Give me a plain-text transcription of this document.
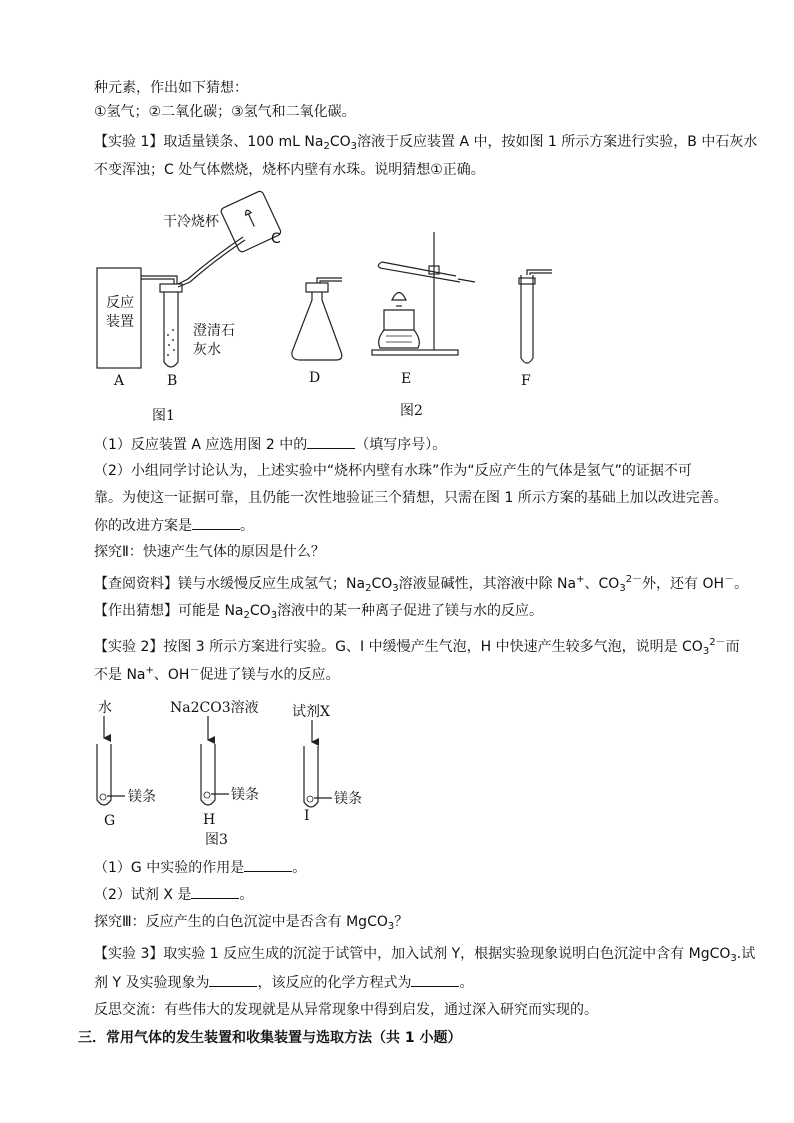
种元素，作出如下猜想：
①氢气；②二氧化碳；③氢气和二氧化碳。
【实验 1】取适量镁条、100 mL $Na_2CO_3$溶液于反应装置 A 中，按如图 1 所示方案进行实验，B 中石灰水
不变浑浊；C 处气体燃烧，烧杯内壁有水珠。说明猜想①正确。
干冷烧杯
C
反应
装置
澄清石
灰水
A	B
图1
D	E	F
图2
（1）反应装置 A 应选用图 2 中的	（填写序号）。
（2）小组同学讨论认为，上述实验中“烧杯内壁有水珠”作为“反应产生的气体是氢气”的证据不可
靠。为使这一证据可靠，且仍能一次性地验证三个猜想，只需在图 1 所示方案的基础上加以改进完善。
你的改进方案是	。
探究Ⅱ：快速产生气体的原因是什么？
【查阅资料】镁与水缓慢反应生成氢气；$Na_2CO_3$溶液显碱性，其溶液中除 Na+、$CO_3^{2-}$外，还有 OH－。
【作出猜想】可能是 $Na_2CO_3$溶液中的某一种离子促进了镁与水的反应。
【实验 2】按图 3 所示方案进行实验。G、I 中缓慢产生气泡，H 中快速产生较多气泡，说明是 $CO_3^{2-}$而
不是 Na+、OH－促进了镁与水的反应。
水	Na2CO3溶液 试剂X
镁条	镁条	镁条
G	H	I
图3
（1）G 中实验的作用是	。
（2）试剂 X 是	。
探究Ⅲ：反应产生的白色沉淀中是否含有 MgCO$_3$？
【实验 3】取实验 1 反应生成的沉淀于试管中，加入试剂 Y，根据实验现象说明白色沉淀中含有 MgCO$_3$.试
剂 Y 及实验现象为	，该反应的化学方程式为	。
反思交流：有些伟大的发现就是从异常现象中得到启发，通过深入研究而实现的。
三．常用气体的发生装置和收集装置与选取方法（共 1 小题）
